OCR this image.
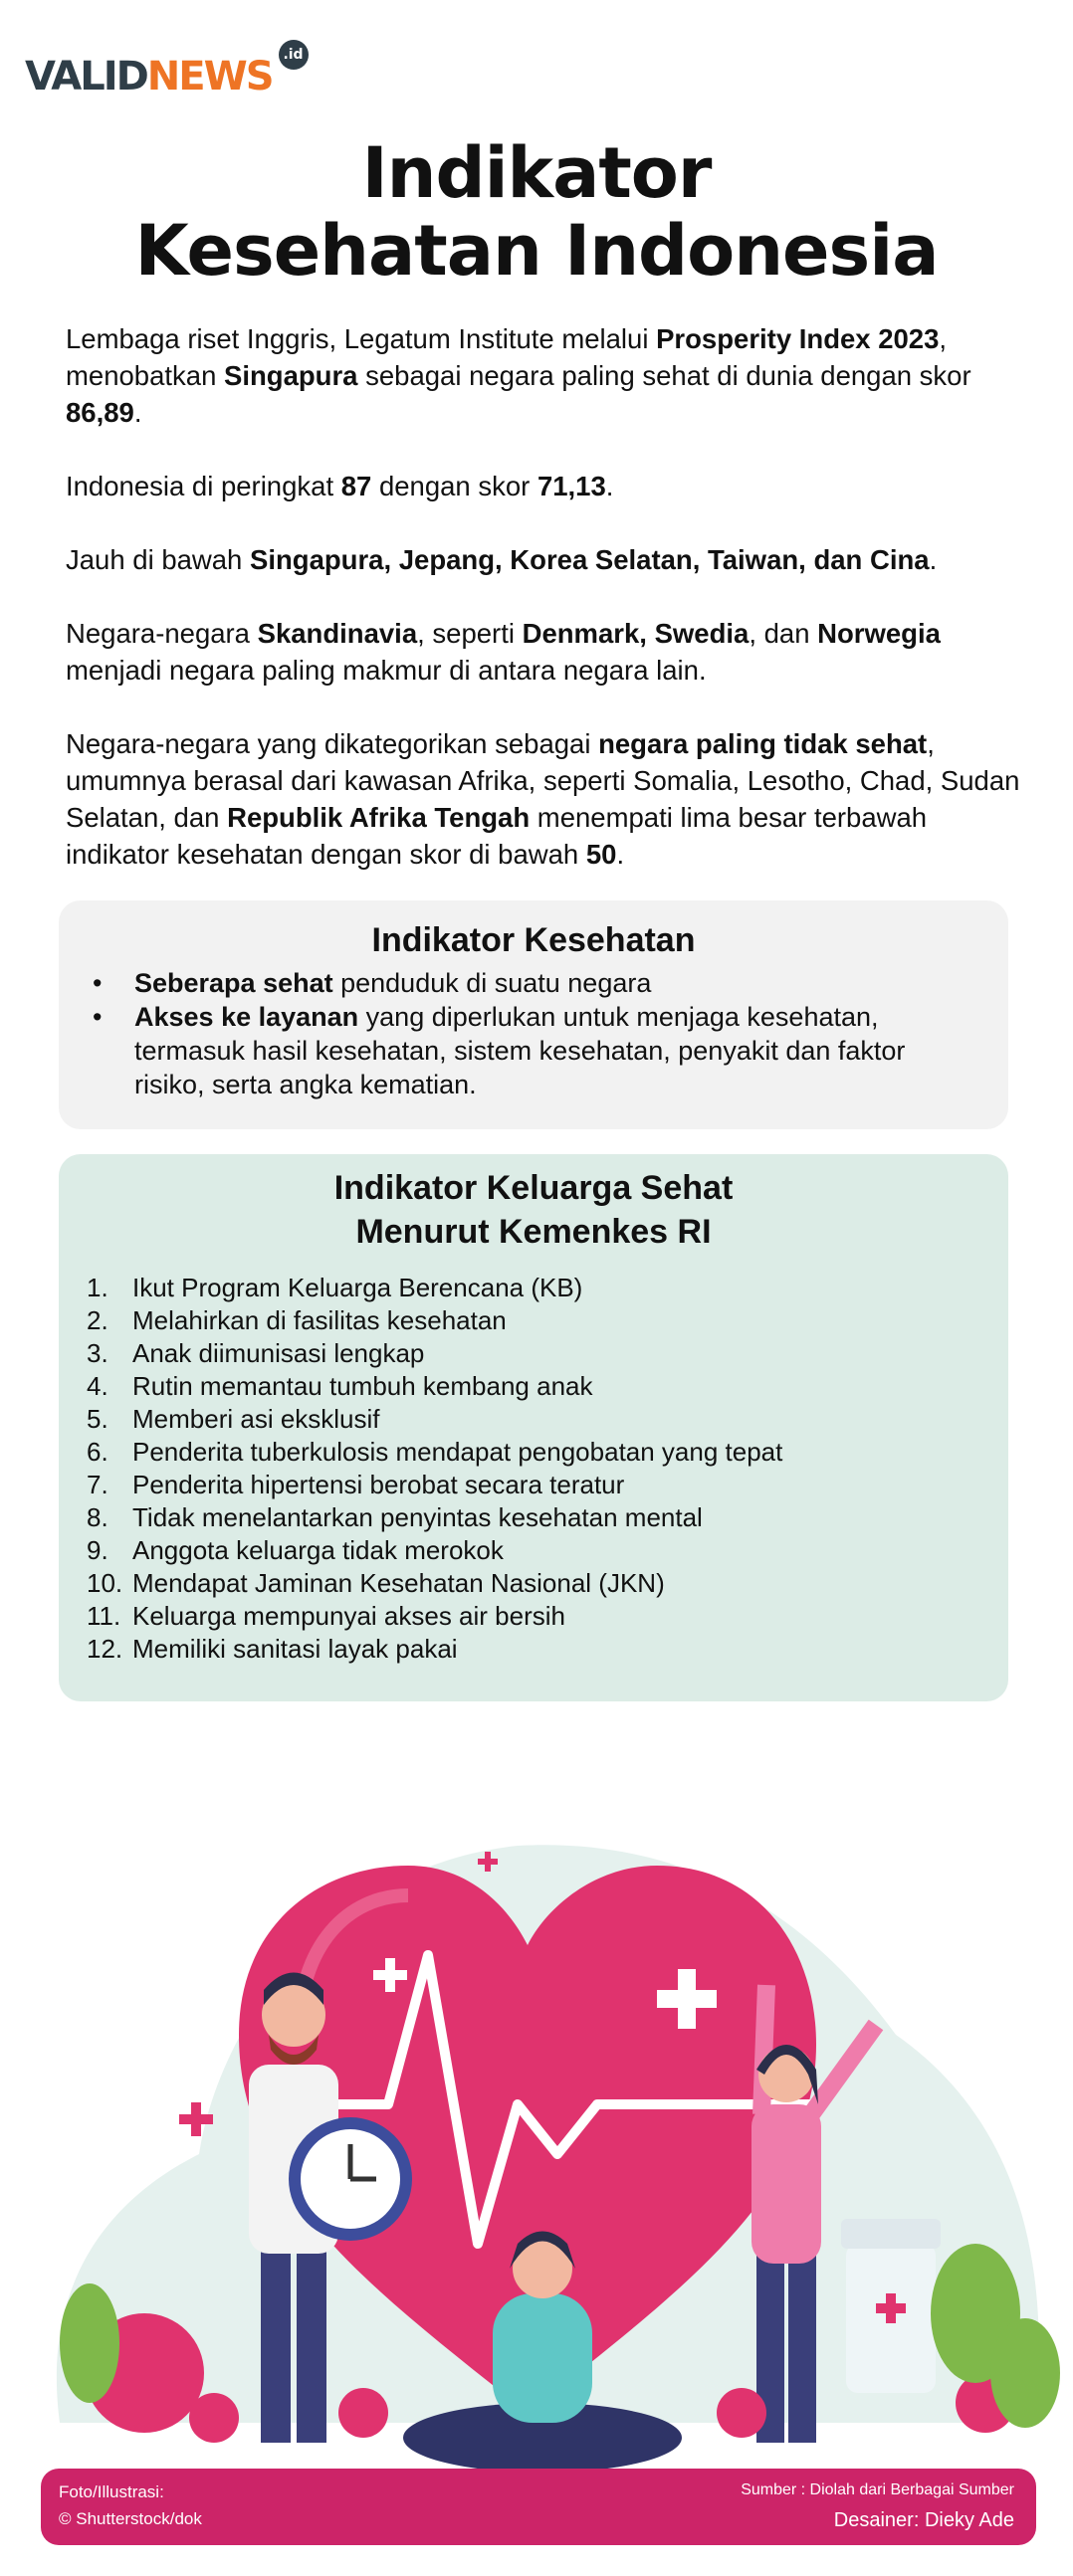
VALID NEWS .id
Indikator
Kesehatan Indonesia

Lembaga riset Inggris, Legatum Institute melalui Prosperity Index 2023, menobatkan Singapura sebagai negara paling sehat di dunia dengan skor 86,89.

Indonesia di peringkat 87 dengan skor 71,13.

Jauh di bawah Singapura, Jepang, Korea Selatan, Taiwan, dan Cina.

Negara-negara Skandinavia, seperti Denmark, Swedia, dan Norwegia menjadi negara paling makmur di antara negara lain.

Negara-negara yang dikategorikan sebagai negara paling tidak sehat, umumnya berasal dari kawasan Afrika, seperti Somalia, Lesotho, Chad, Sudan Selatan, dan Republik Afrika Tengah menempati lima besar terbawah indikator kesehatan dengan skor di bawah 50.

Indikator Kesehatan
• Seberapa sehat penduduk di suatu negara
• Akses ke layanan yang diperlukan untuk menjaga kesehatan, termasuk hasil kesehatan, sistem kesehatan, penyakit dan faktor risiko, serta angka kematian.
Indikator Keluarga Sehat
Menurut Kemenkes RI
1. Ikut Program Keluarga Berencana (KB)
2. Melahirkan di fasilitas kesehatan
3. Anak diimunisasi lengkap
4. Rutin memantau tumbuh kembang anak
5. Memberi asi eksklusif
6. Penderita tuberkulosis mendapat pengobatan yang tepat
7. Penderita hipertensi berobat secara teratur
8. Tidak menelantarkan penyintas kesehatan mental
9. Anggota keluarga tidak merokok
10. Mendapat Jaminan Kesehatan Nasional (JKN)
11. Keluarga mempunyai akses air bersih
12. Memiliki sanitasi layak pakai
Foto/Illustrasi:
© Shutterstock/dok
Sumber : Diolah dari Berbagai Sumber
Desainer: Dieky Ade
